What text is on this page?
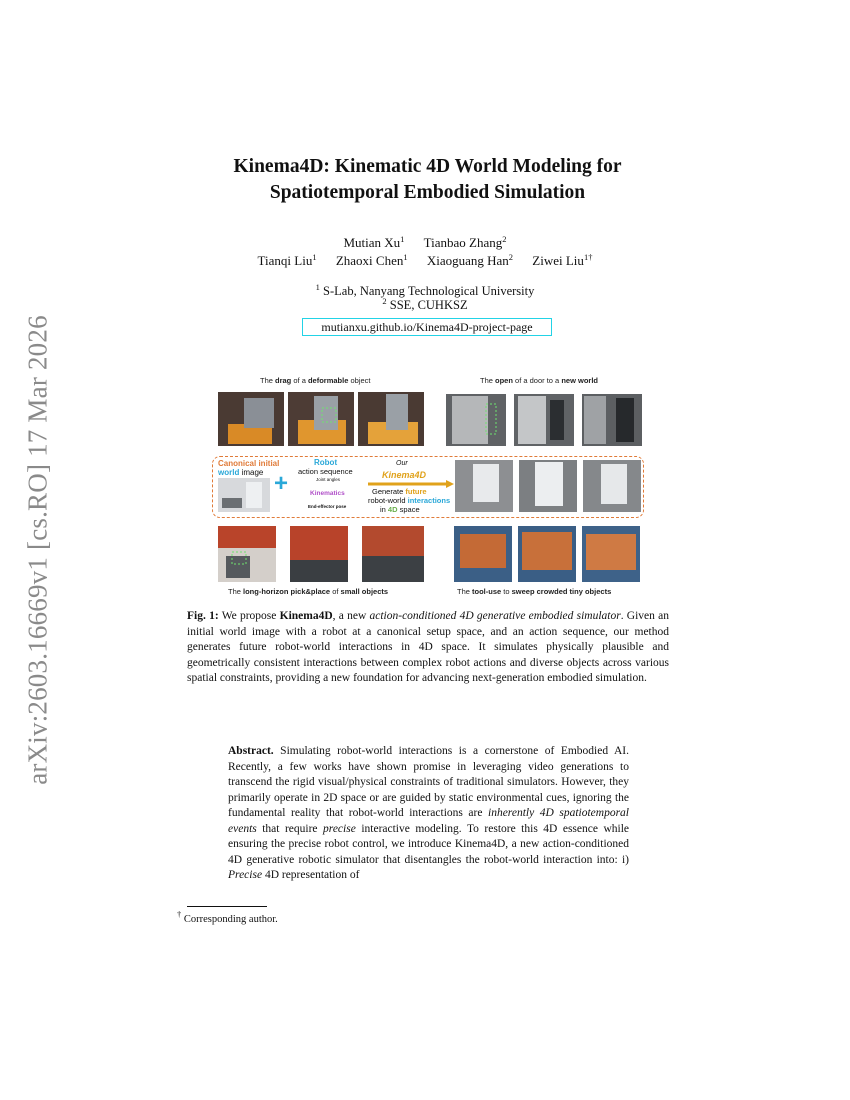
arXiv:2603.16669v1 [cs.RO] 17 Mar 2026
Kinema4D: Kinematic 4D World Modeling for
Spatiotemporal Embodied Simulation
Mutian Xu$^1$ Tianbao Zhang$^2$
Tianqi Liu$^1$ Zhaoxi Chen$^1$ Xiaoguang Han$^2$ Ziwei Liu$^{1\dagger}$
$^1$ S-Lab, Nanyang Technological University
$^2$ SSE, CUHKSZ
mutianxu.github.io/Kinema4D-project-page
The drag of a deformable object	The open of a door to a new world
Canonical initial
world image +
Robot
action sequence
Joint angles
Kinematics
End-effector pose
Our
Kinema4D
Generate future
robot-world interactions
in 4D space
The long-horizon pick&place of small objects	The tool-use to sweep crowded tiny objects
Fig. 1: We propose Kinema4D, a new action-conditioned 4D generative embodied simulator. Given an initial world image with a robot at a canonical setup space, and an action sequence, our method generates future robot-world interactions in 4D space. It simulates physically plausible and geometrically consistent interactions between complex robot actions and diverse objects across various spatial constraints, providing a new foundation for advancing next-generation embodied simulation.
Abstract. Simulating robot-world interactions is a cornerstone of Embodied AI. Recently, a few works have shown promise in leveraging video generations to transcend the rigid visual/physical constraints of traditional simulators. However, they primarily operate in 2D space or are guided by static environmental cues, ignoring the fundamental reality that robot-world interactions are inherently 4D spatiotemporal events that require precise interactive modeling. To restore this 4D essence while ensuring the precise robot control, we introduce Kinema4D, a new action-conditioned 4D generative robotic simulator that disentangles the robot-world interaction into: i) Precise 4D representation of
† Corresponding author.
